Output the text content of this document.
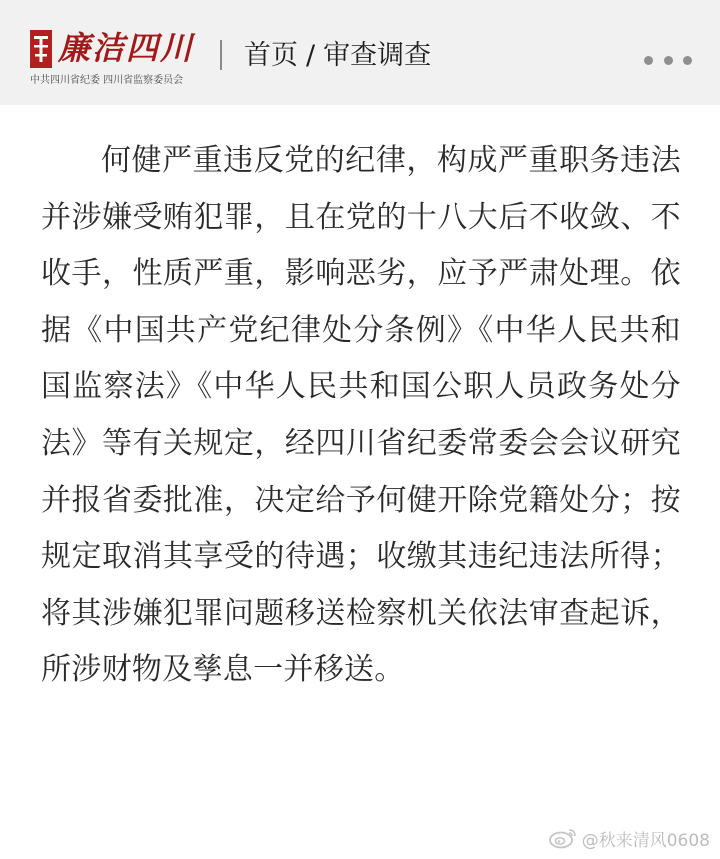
廉洁四川
中共四川省纪委 四川省监察委员会
首页 / 审查调查

何健严重违反党的纪律，构成严重职务违法并涉嫌受贿犯罪，且在党的十八大后不收敛、不收手，性质严重，影响恶劣，应予严肃处理。依据《中国共产党纪律处分条例》《中华人民共和国监察法》《中华人民共和国公职人员政务处分法》等有关规定，经四川省纪委常委会会议研究并报省委批准，决定给予何健开除党籍处分；按规定取消其享受的待遇；收缴其违纪违法所得；将其涉嫌犯罪问题移送检察机关依法审查起诉，所涉财物及孳息一并移送。

@秋来清风0608
